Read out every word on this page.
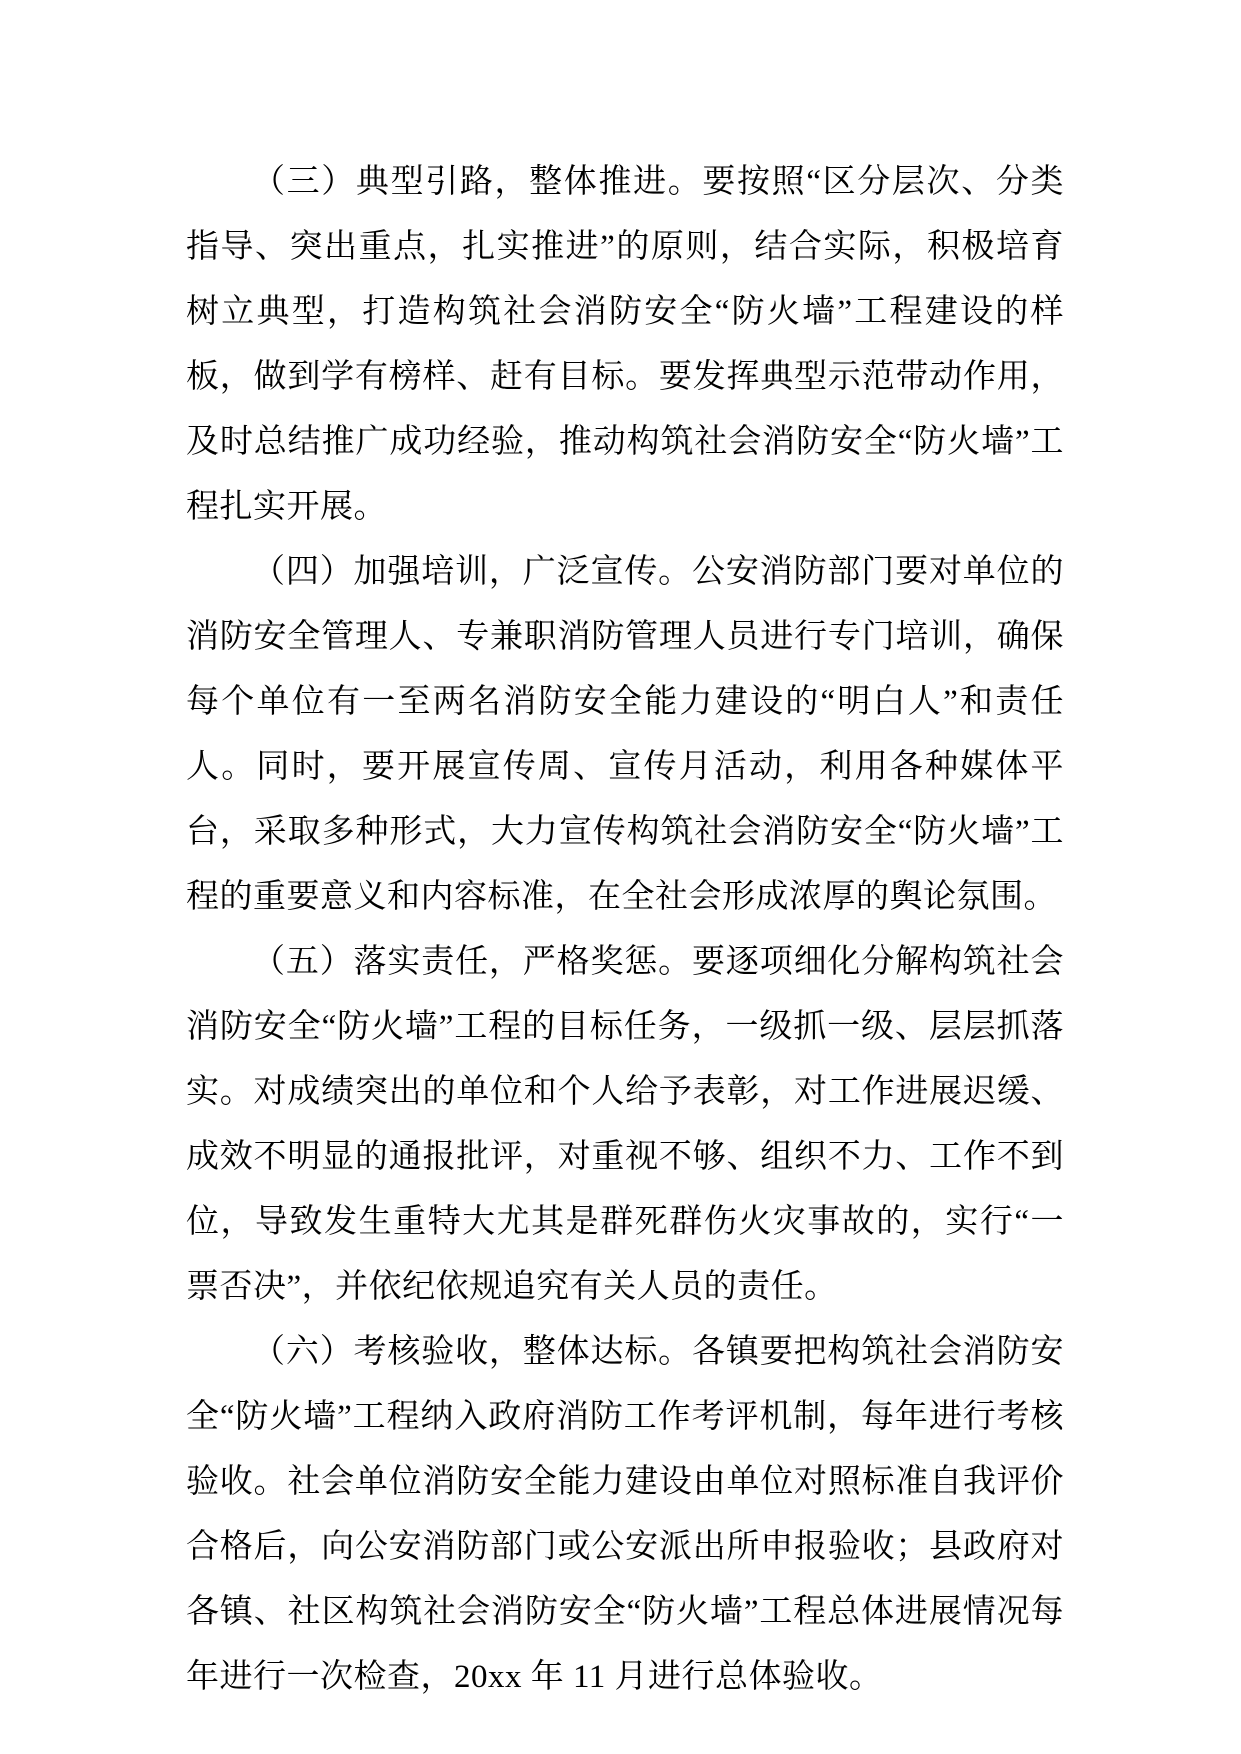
（三）典型引路，整体推进。要按照“区分层次、分类指导、突出重点，扎实推进”的原则，结合实际，积极培育树立典型，打造构筑社会消防安全“防火墙”工程建设的样板，做到学有榜样、赶有目标。要发挥典型示范带动作用，及时总结推广成功经验，推动构筑社会消防安全“防火墙”工程扎实开展。

（四）加强培训，广泛宣传。公安消防部门要对单位的消防安全管理人、专兼职消防管理人员进行专门培训，确保每个单位有一至两名消防安全能力建设的“明白人”和责任人。同时，要开展宣传周、宣传月活动，利用各种媒体平台，采取多种形式，大力宣传构筑社会消防安全“防火墙”工程的重要意义和内容标准，在全社会形成浓厚的舆论氛围。

（五）落实责任，严格奖惩。要逐项细化分解构筑社会消防安全“防火墙”工程的目标任务，一级抓一级、层层抓落实。对成绩突出的单位和个人给予表彰，对工作进展迟缓、成效不明显的通报批评，对重视不够、组织不力、工作不到位，导致发生重特大尤其是群死群伤火灾事故的，实行“一票否决”，并依纪依规追究有关人员的责任。

（六）考核验收，整体达标。各镇要把构筑社会消防安全“防火墙”工程纳入政府消防工作考评机制，每年进行考核验收。社会单位消防安全能力建设由单位对照标准自我评价合格后，向公安消防部门或公安派出所申报验收；县政府对各镇、社区构筑社会消防安全“防火墙”工程总体进展情况每年进行一次检查，20xx 年 11 月进行总体验收。
